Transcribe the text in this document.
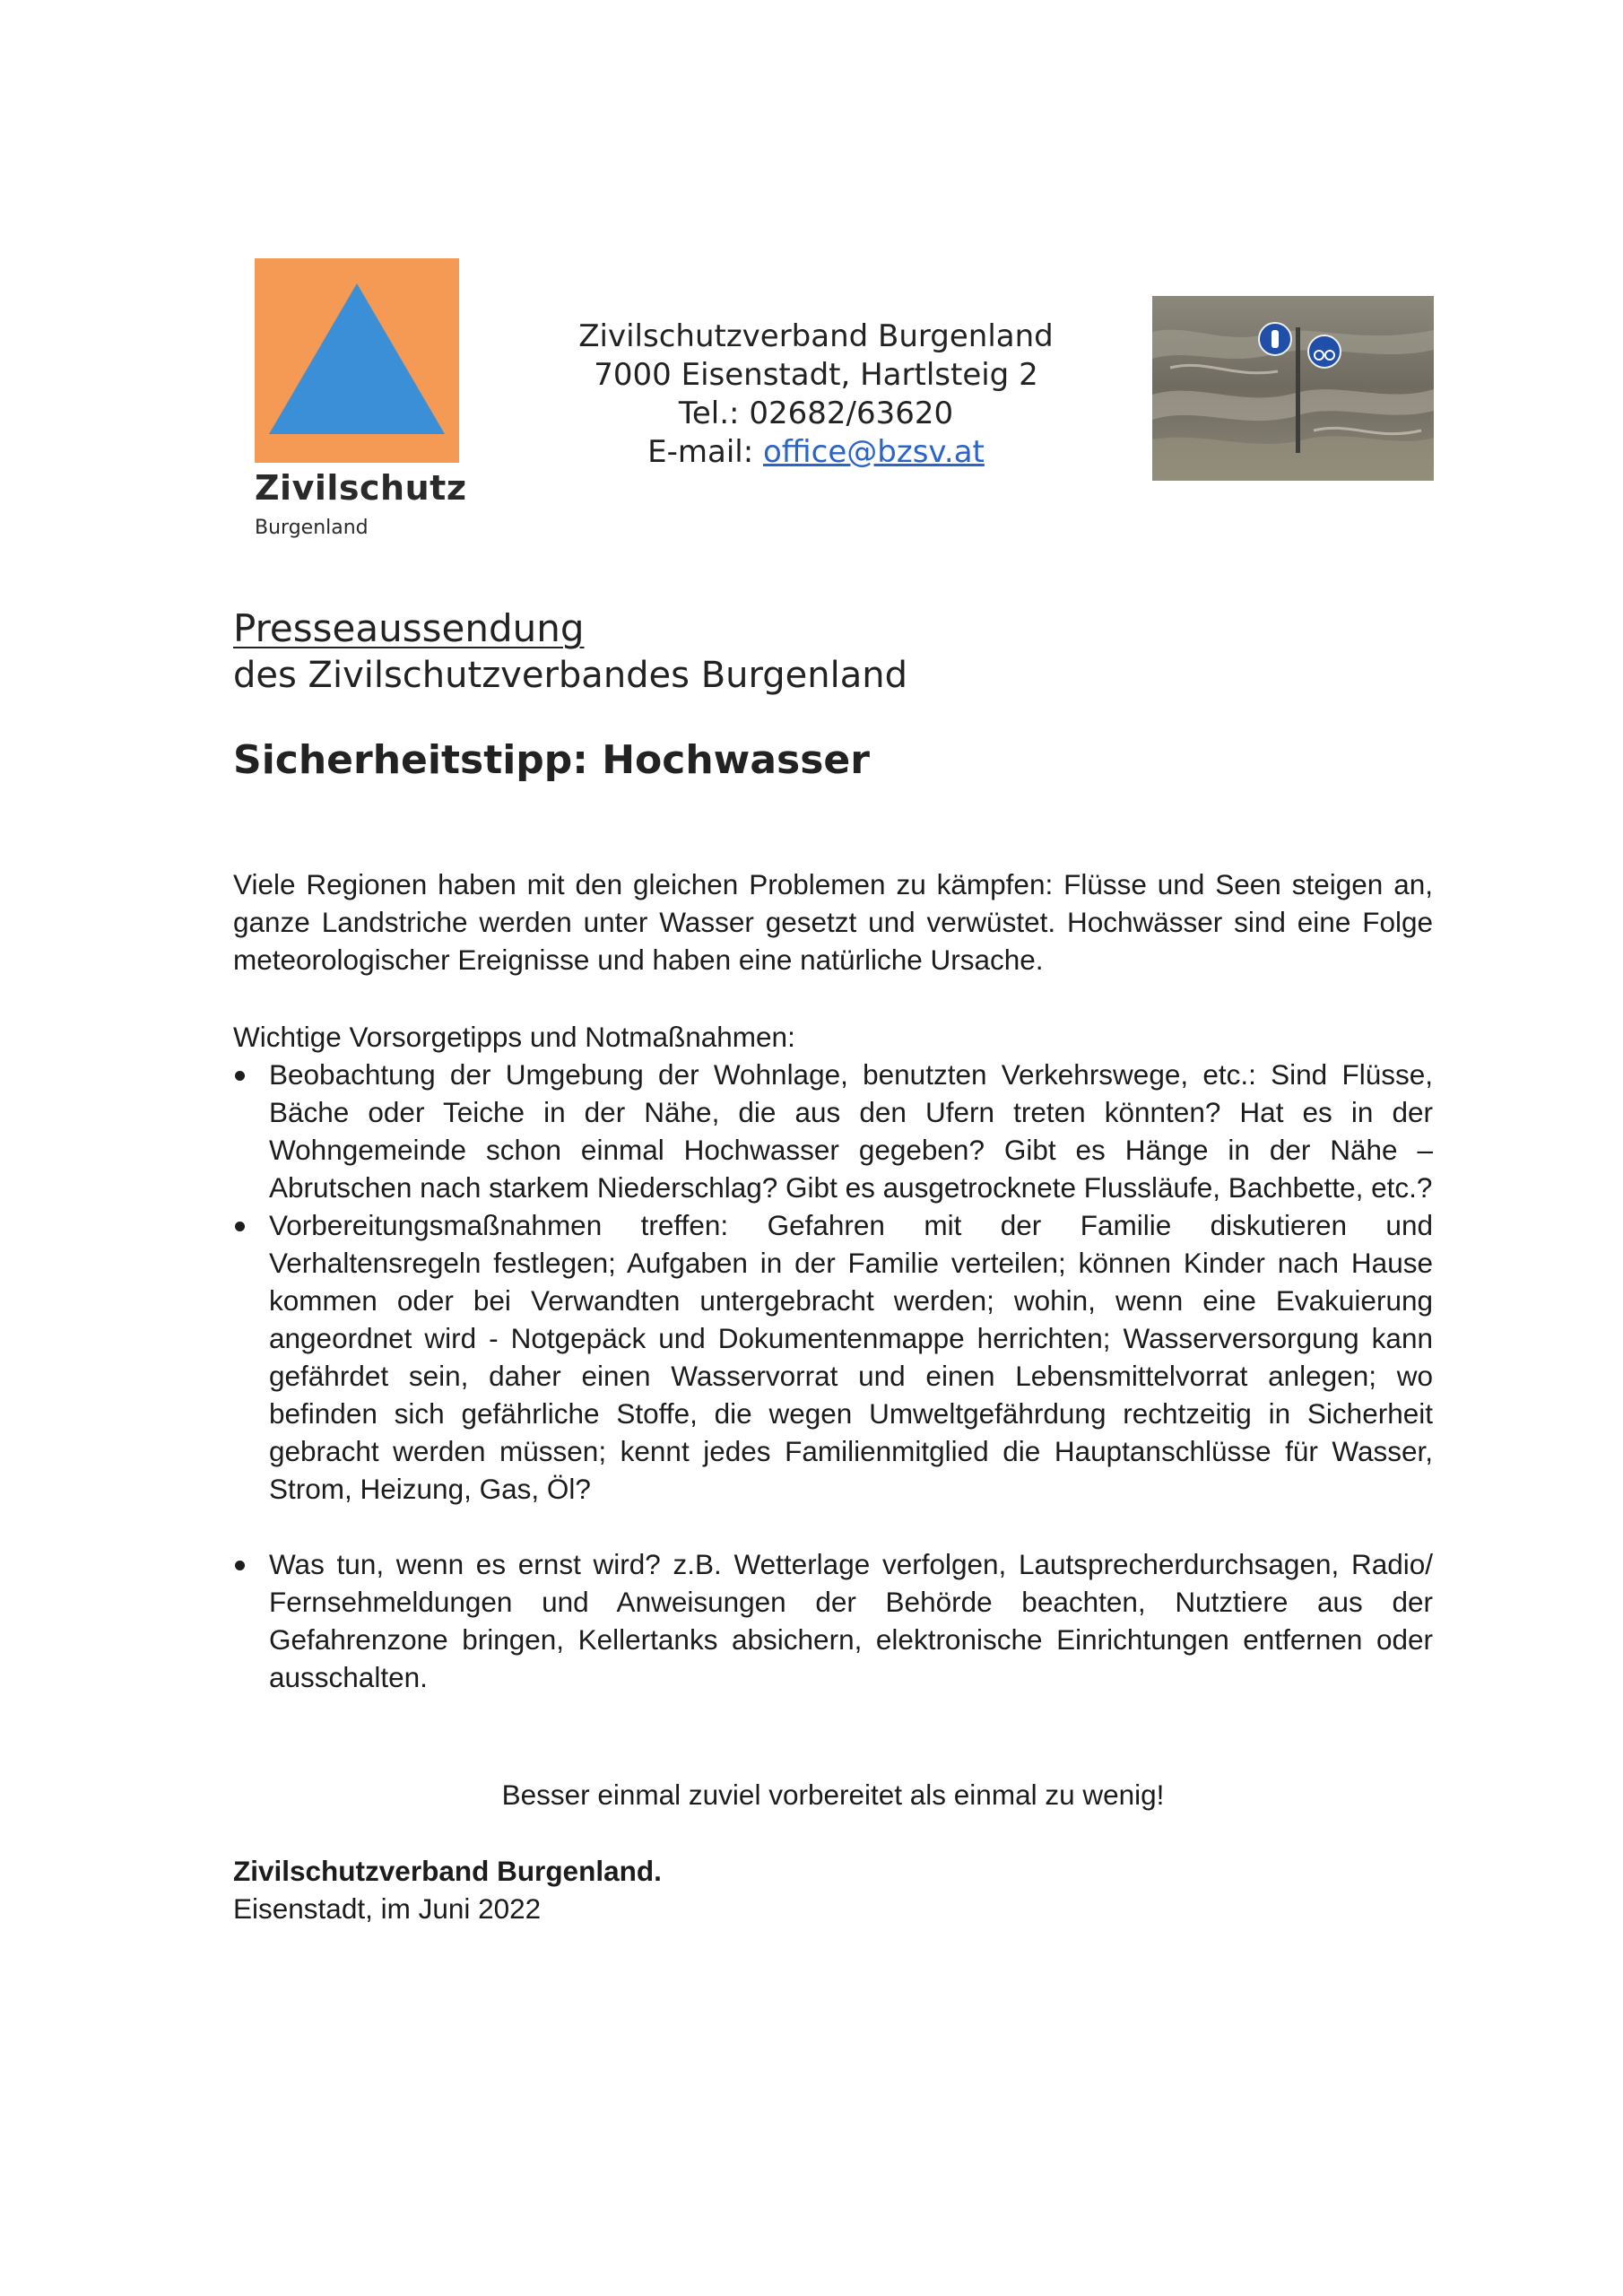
Zivilschutz
Burgenland
Zivilschutzverband Burgenland
7000 Eisenstadt, Hartlsteig 2
Tel.: 02682/63620
E-mail: office@bzsv.at
Presseaussendung
des Zivilschutzverbandes Burgenland
Sicherheitstipp: Hochwasser
Viele Regionen haben mit den gleichen Problemen zu kämpfen: Flüsse und Seen steigen an, ganze Landstriche werden unter Wasser gesetzt und verwüstet. Hochwässer sind eine Folge meteorologischer Ereignisse und haben eine natürliche Ursache.
Wichtige Vorsorgetipps und Notmaßnahmen:
Beobachtung der Umgebung der Wohnlage, benutzten Verkehrswege, etc.: Sind Flüsse, Bäche oder Teiche in der Nähe, die aus den Ufern treten könnten? Hat es in der Wohngemeinde schon einmal Hochwasser gegeben? Gibt es Hänge in der Nähe – Abrutschen nach starkem Niederschlag? Gibt es ausgetrocknete Flussläufe, Bachbette, etc.?
Vorbereitungsmaßnahmen treffen: Gefahren mit der Familie diskutieren und Verhaltensregeln festlegen; Aufgaben in der Familie verteilen; können Kinder nach Hause kommen oder bei Verwandten untergebracht werden; wohin, wenn eine Evakuierung angeordnet wird - Notgepäck und Dokumentenmappe herrichten; Wasserversorgung kann gefährdet sein, daher einen Wasservorrat und einen Lebensmittelvorrat anlegen; wo befinden sich gefährliche Stoffe, die wegen Umweltgefährdung rechtzeitig in Sicherheit gebracht werden müssen; kennt jedes Familienmitglied die Hauptanschlüsse für Wasser, Strom, Heizung, Gas, Öl?
Was tun, wenn es ernst wird? z.B. Wetterlage verfolgen, Lautsprecherdurchsagen, Radio/ Fernsehmeldungen und Anweisungen der Behörde beachten, Nutztiere aus der Gefahrenzone bringen, Kellertanks absichern, elektronische Einrichtungen entfernen oder ausschalten.
Besser einmal zuviel vorbereitet als einmal zu wenig!
Zivilschutzverband Burgenland.
Eisenstadt, im Juni 2022
